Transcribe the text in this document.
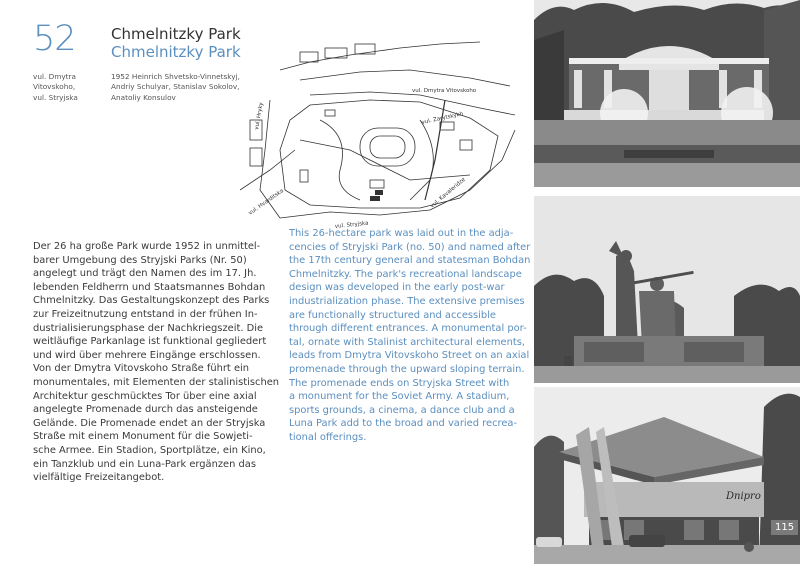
52 Chmelnitzky Park
Chmelnitzky Park
vul. Dmytra
Vitovskoho,
vul. Stryjska
1952 Heinrich Shvetsko-Vinnetskyj,
Andriy Schulyar, Stanislav Sokolov,
Anatoliy Konsulov
vul. Dmytra Vitovskoho
vul. Zarytskykh
vul. Hryky
vul. Kavaleridze
vul. Hvarditska
vul. Stryjska
Der 26 ha große Park wurde 1952 in unmittel-
barer Umgebung des Stryjski Parks (Nr. 50)
angelegt und trägt den Namen des im 17. Jh.
lebenden Feldherrn und Staatsmannes Bohdan
Chmelnitzky. Das Gestaltungskonzept des Parks
zur Freizeitnutzung entstand in der frühen In-
dustrialisierungsphase der Nachkriegszeit. Die
weitläufige Parkanlage ist funktional gegliedert
und wird über mehrere Eingänge erschlossen.
Von der Dmytra Vitovskoho Straße führt ein
monumentales, mit Elementen der stalinistischen
Architektur geschmücktes Tor über eine axial
angelegte Promenade durch das ansteigende
Gelände. Die Promenade endet an der Stryjska
Straße mit einem Monument für die Sowjeti-
sche Armee. Ein Stadion, Sportplätze, ein Kino,
ein Tanzklub und ein Luna-Park ergänzen das
vielfältige Freizeitangebot.
This 26-hectare park was laid out in the adja-
cencies of Stryjski Park (no. 50) and named after
the 17th century general and statesman Bohdan
Chmelnitzky. The park's recreational landscape
design was developed in the early post-war
industrialization phase. The extensive premises
are functionally structured and accessible
through different entrances. A monumental por-
tal, ornate with Stalinist architectural elements,
leads from Dmytra Vitovskoho Street on an axial
promenade through the upward sloping terrain.
The promenade ends on Stryjska Street with
a monument for the Soviet Army. A stadium,
sports grounds, a cinema, a dance club and a
Luna Park add to the broad and varied recrea-
tional offerings.
Dnipro
115
